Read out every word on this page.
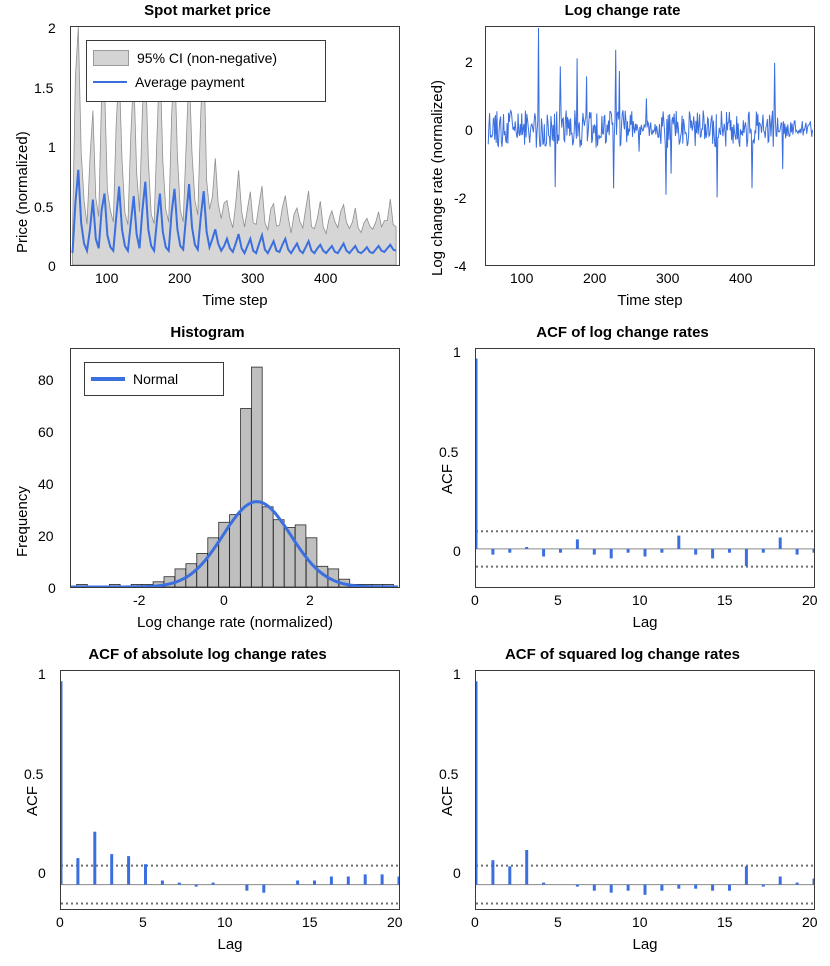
Spot market price
Price (normalized)
0
0.5
1
1.5
2
100	200	300	400
Time step
95% CI (non-negative)
Average payment
Log change rate
Log change rate (normalized) -4
-2
0
2
100	200	300	400
Time step
Histogram
Frequency
0
20
40
60
80
-2	0	2
Log change rate (normalized)
Normal
ACF of log change rates
ACF
0
0.5
1
0	5	10	15	20
Lag
ACF of absolute log change rates
ACF
0
0.5
1
0	5	10	15	20
Lag
ACF of squared log change rates
ACF
0
0.5
1
0	5	10	15	20
Lag
